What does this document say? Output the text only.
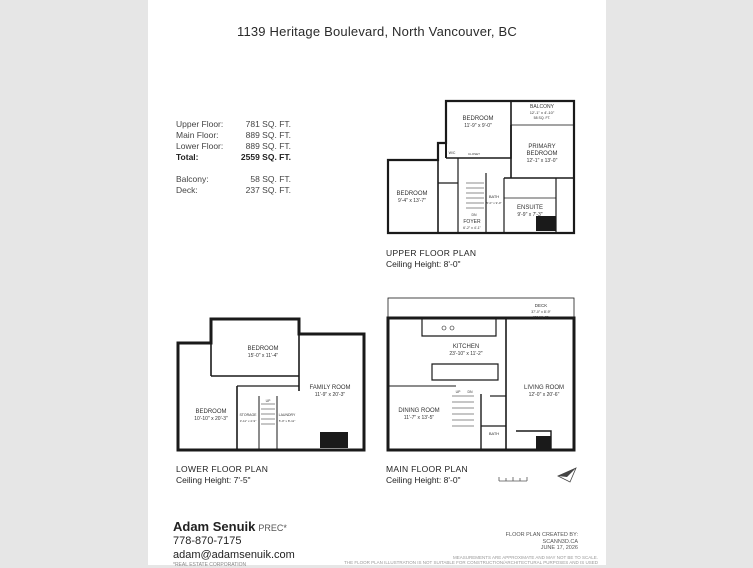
1139 Heritage Boulevard, North Vancouver, BC
Upper Floor:	781 SQ. FT.
Main Floor:	889 SQ. FT.
Lower Floor:	889 SQ. FT.
Total:	2559 SQ. FT.
Balcony:	58 SQ. FT.
Deck:	237 SQ. FT.
BEDROOM
11'-9" x 9'-0"
BALCONY
12'-1" x 4'-10"
58 SQ. FT.
PRIMARY
BEDROOM
12'-1" x 13'-0"
BEDROOM
9'-4" x 13'-7"
ENSUITE
9'-9" x 7'-3"
FOYER
6'-2" x 4'-1"
BATH
5'-0" x 9'-0"
W/C	CLOSET
DN
UPPER FLOOR PLAN
Ceiling Height: 8'-0"
BEDROOM
15'-0" x 11'-4"
FAMILY ROOM
11'-9" x 20'-3"
BEDROOM
10'-10" x 20'-3"
STORAGE
3'-11" x 4'-9"
LAUNDRY
5'-0" x 8'-11"
UP
LOWER FLOOR PLAN
Ceiling Height: 7'-5"
DECK
37'-0" x 8'-9"
237 SQ. FT.
KITCHEN
23'-10" x 11'-2"
LIVING ROOM
12'-0" x 20'-6"
DINING ROOM
11'-7" x 13'-5"
BATH
UP DN
MAIN FLOOR PLAN
Ceiling Height: 8'-0"
Adam Senuik PREC*
778-870-7175
adam@adamsenuik.com
*REAL ESTATE CORPORATION
FLOOR PLAN CREATED BY:
SCANN3D.CA
JUNE 17, 2026
MEASUREMENTS ARE APPROXIMATE AND MAY NOT BE TO SCALE.
THE FLOOR PLAN ILLUSTRATION IS NOT SUITABLE FOR CONSTRUCTION/ARCHITECTURAL PURPOSES AND IS USED
